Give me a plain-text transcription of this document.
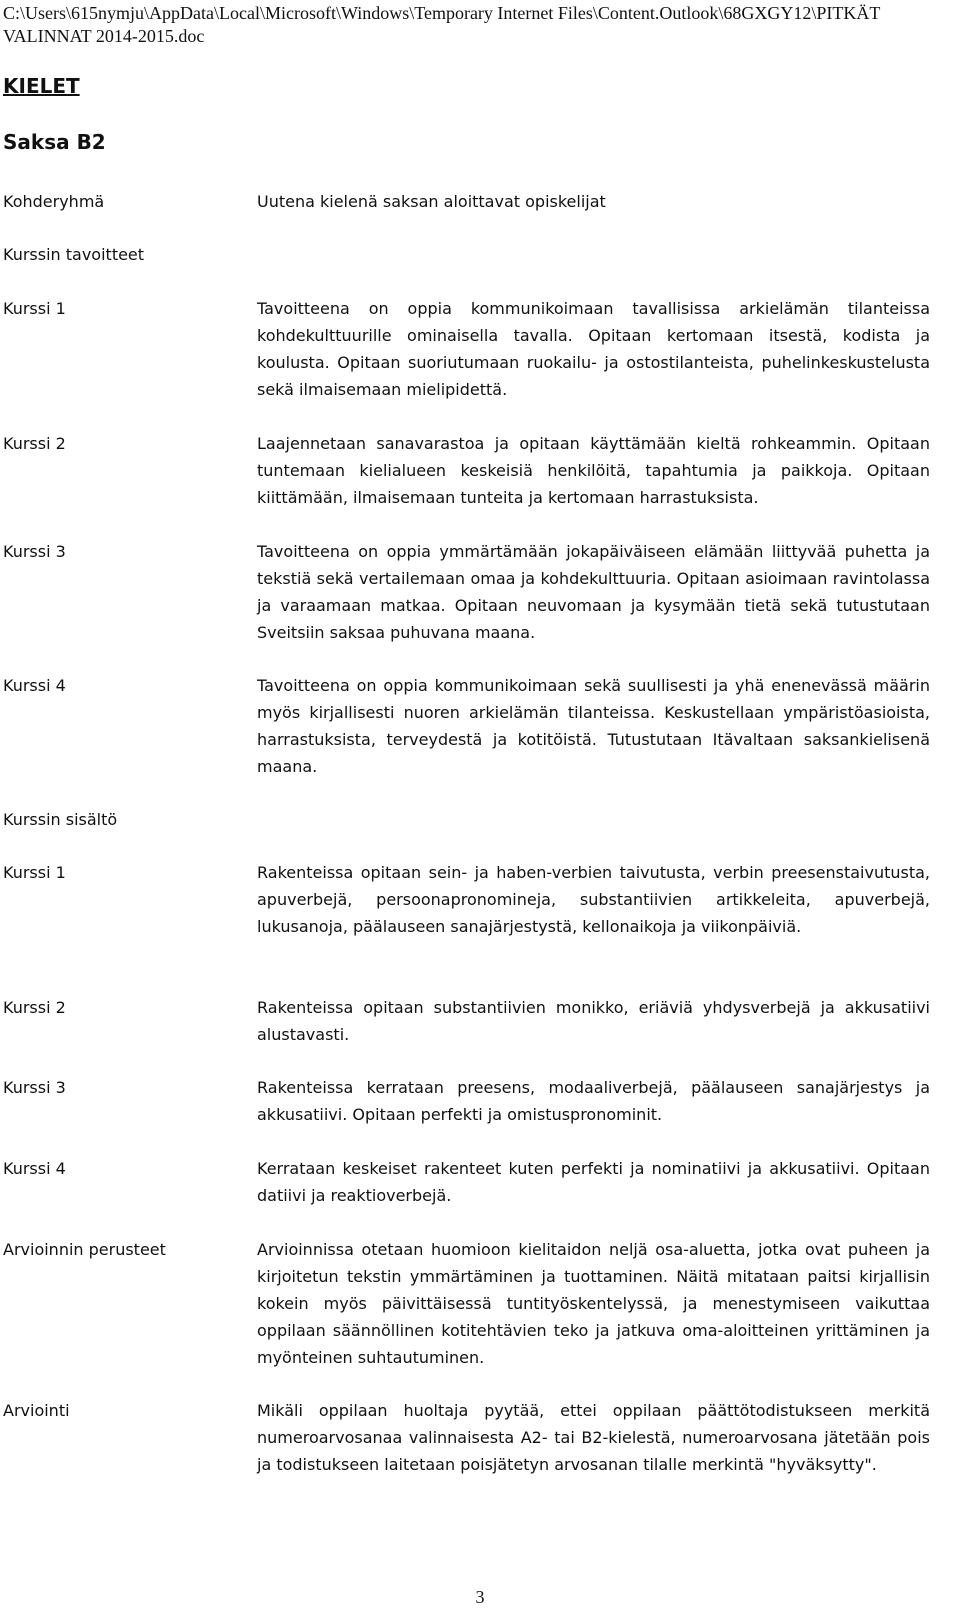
C:\Users\615nymju\AppData\Local\Microsoft\Windows\Temporary Internet Files\Content.Outlook\68GXGY12\PITKÄT VALINNAT 2014-2015.doc
KIELET
Saksa B2
Kohderyhmä	Uutena kielenä saksan aloittavat opiskelijat
Kurssin tavoitteet
Kurssi 1	Tavoitteena on oppia kommunikoimaan tavallisissa arkielämän tilanteissa kohdekulttuurille ominaisella tavalla. Opitaan kertomaan itsestä, kodista ja koulusta. Opitaan suoriutumaan ruokailu- ja ostostilanteista, puhelinkeskustelusta sekä ilmaisemaan mielipidettä.
Kurssi 2	Laajennetaan sanavarastoa ja opitaan käyttämään kieltä rohkeammin. Opitaan tuntemaan kielialueen keskeisiä henkilöitä, tapahtumia ja paikkoja. Opitaan kiittämään, ilmaisemaan tunteita ja kertomaan harrastuksista.
Kurssi 3	Tavoitteena on oppia ymmärtämään jokapäiväiseen elämään liittyvää puhetta ja tekstiä sekä vertailemaan omaa ja kohdekulttuuria. Opitaan asioimaan ravintolassa ja varaamaan matkaa. Opitaan neuvomaan ja kysymään tietä sekä tutustutaan Sveitsiin saksaa puhuvana maana.
Kurssi 4	Tavoitteena on oppia kommunikoimaan sekä suullisesti ja yhä enenevässä määrin myös kirjallisesti nuoren arkielämän tilanteissa. Keskustellaan ympäristöasioista, harrastuksista, terveydestä ja kotitöistä. Tutustutaan Itävaltaan saksankielisenä maana.
Kurssin sisältö
Kurssi 1	Rakenteissa opitaan sein- ja haben-verbien taivutusta, verbin preesenstaivutusta, apuverbejä, persoonapronomineja, substantiivien artikkeleita, apuverbejä, lukusanoja, päälauseen sanajärjestystä, kellonaikoja ja viikonpäiviä.
Kurssi 2	Rakenteissa opitaan substantiivien monikko, eriäviä yhdysverbejä ja akkusatiivi alustavasti.
Kurssi 3	Rakenteissa kerrataan preesens, modaaliverbejä, päälauseen sanajärjestys ja akkusatiivi. Opitaan perfekti ja omistuspronominit.
Kurssi 4	Kerrataan keskeiset rakenteet kuten perfekti ja nominatiivi ja akkusatiivi. Opitaan datiivi ja reaktioverbejä.
Arvioinnin perusteet	Arvioinnissa otetaan huomioon kielitaidon neljä osa-aluetta, jotka ovat puheen ja kirjoitetun tekstin ymmärtäminen ja tuottaminen. Näitä mitataan paitsi kirjallisin kokein myös päivittäisessä tuntityöskentelyssä, ja menestymiseen vaikuttaa oppilaan säännöllinen kotitehtävien teko ja jatkuva oma-aloitteinen yrittäminen ja myönteinen suhtautuminen.
Arviointi	Mikäli oppilaan huoltaja pyytää, ettei oppilaan päättötodistukseen merkitä numeroarvosanaa valinnaisesta A2- tai B2-kielestä, numeroarvosana jätetään pois ja todistukseen laitetaan poisjätetyn arvosanan tilalle merkintä "hyväksytty".
3
